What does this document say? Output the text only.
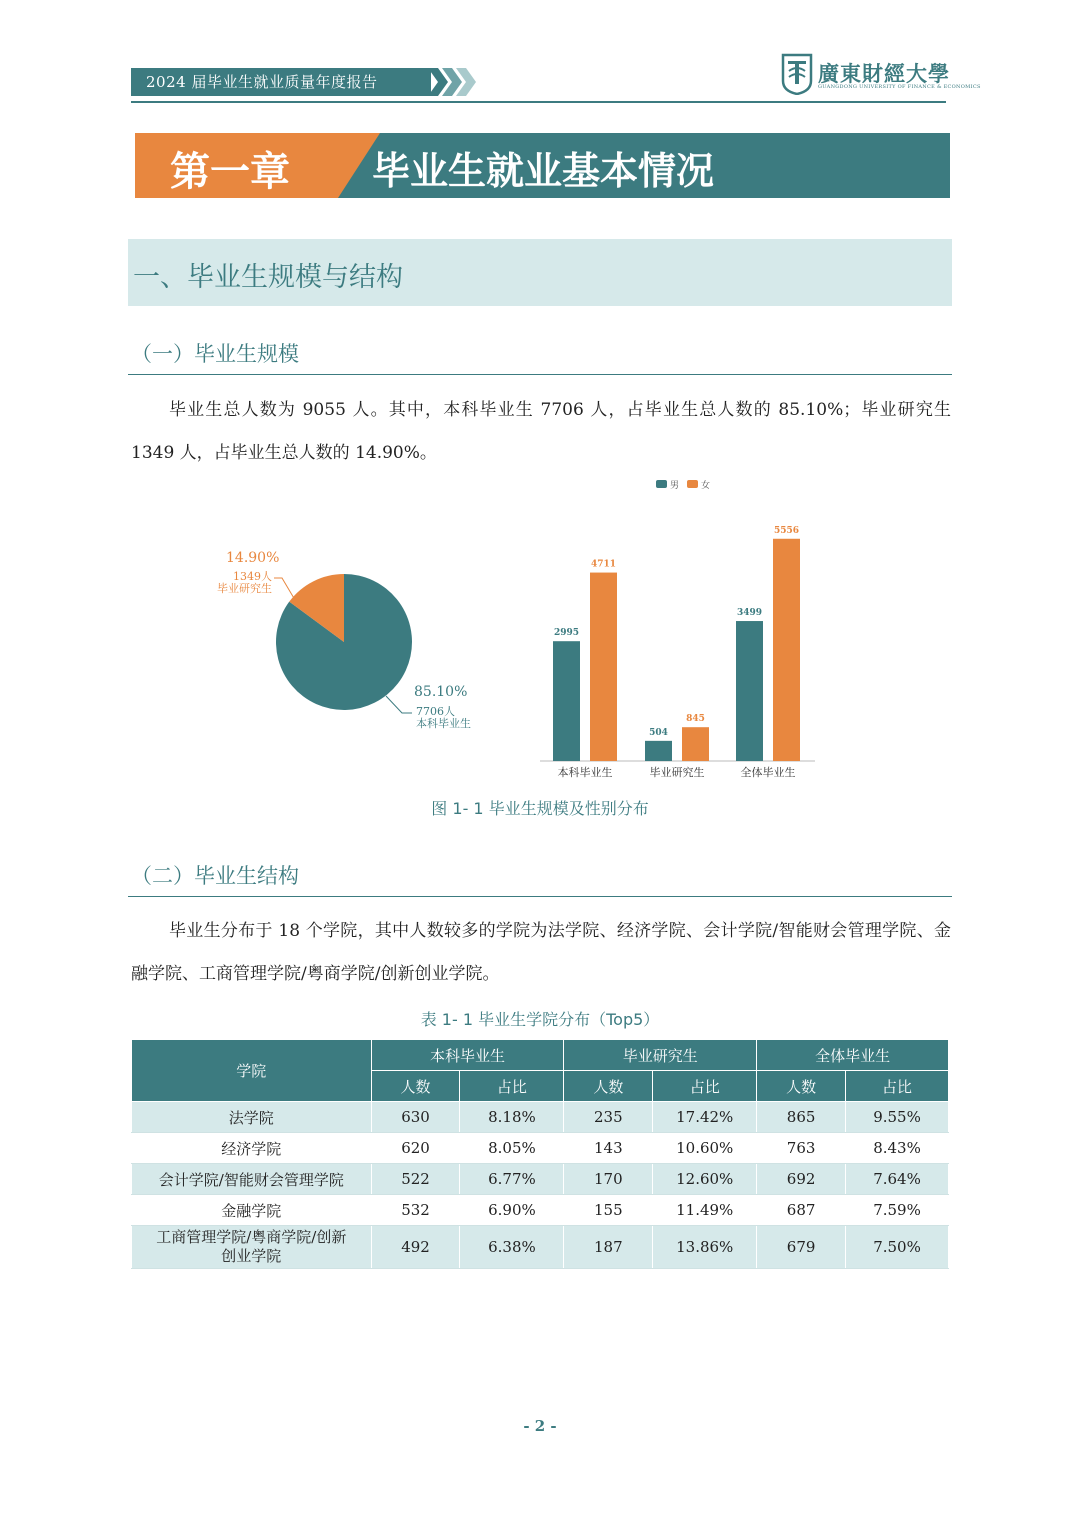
2024 届毕业生就业质量年度报告	廣東財經大學
GUANGDONG UNIVERSITY OF FINANCE & ECONOMICS
第一章 毕业生就业基本情况
一、毕业生规模与结构
（一）毕业生规模
毕业生总人数为 9055 人。其中，本科毕业生 7706 人，占毕业生总人数的 85.10%；毕业研究生 1349 人，占毕业生总人数的 14.90%。
14.90%
1349人
毕业研究生
85.10%
7706人
本科毕业生
2995
4711
本科毕业生
504
845
毕业研究生
3499
5556
全体毕业生
男 女
图 1- 1 毕业生规模及性别分布
（二）毕业生结构
毕业生分布于 18 个学院，其中人数较多的学院为法学院、经济学院、会计学院/智能财会管理学院、金融学院、工商管理学院/粤商学院/创新创业学院。
表 1- 1 毕业生学院分布（Top5）
学院	本科毕业生		毕业研究生		全体毕业生	
	人数	占比	人数	占比	人数	占比
法学院	630	8.18%	235	17.42%	865	9.55%
经济学院	620	8.05%	143	10.60%	763	8.43%
会计学院/智能财会管理学院	522	6.77%	170	12.60%	692	7.64%
金融学院	532	6.90%	155	11.49%	687	7.59%
工商管理学院/粤商学院/创新
创业学院	492	6.38%	187	13.86%	679	7.50%
- 2 -
